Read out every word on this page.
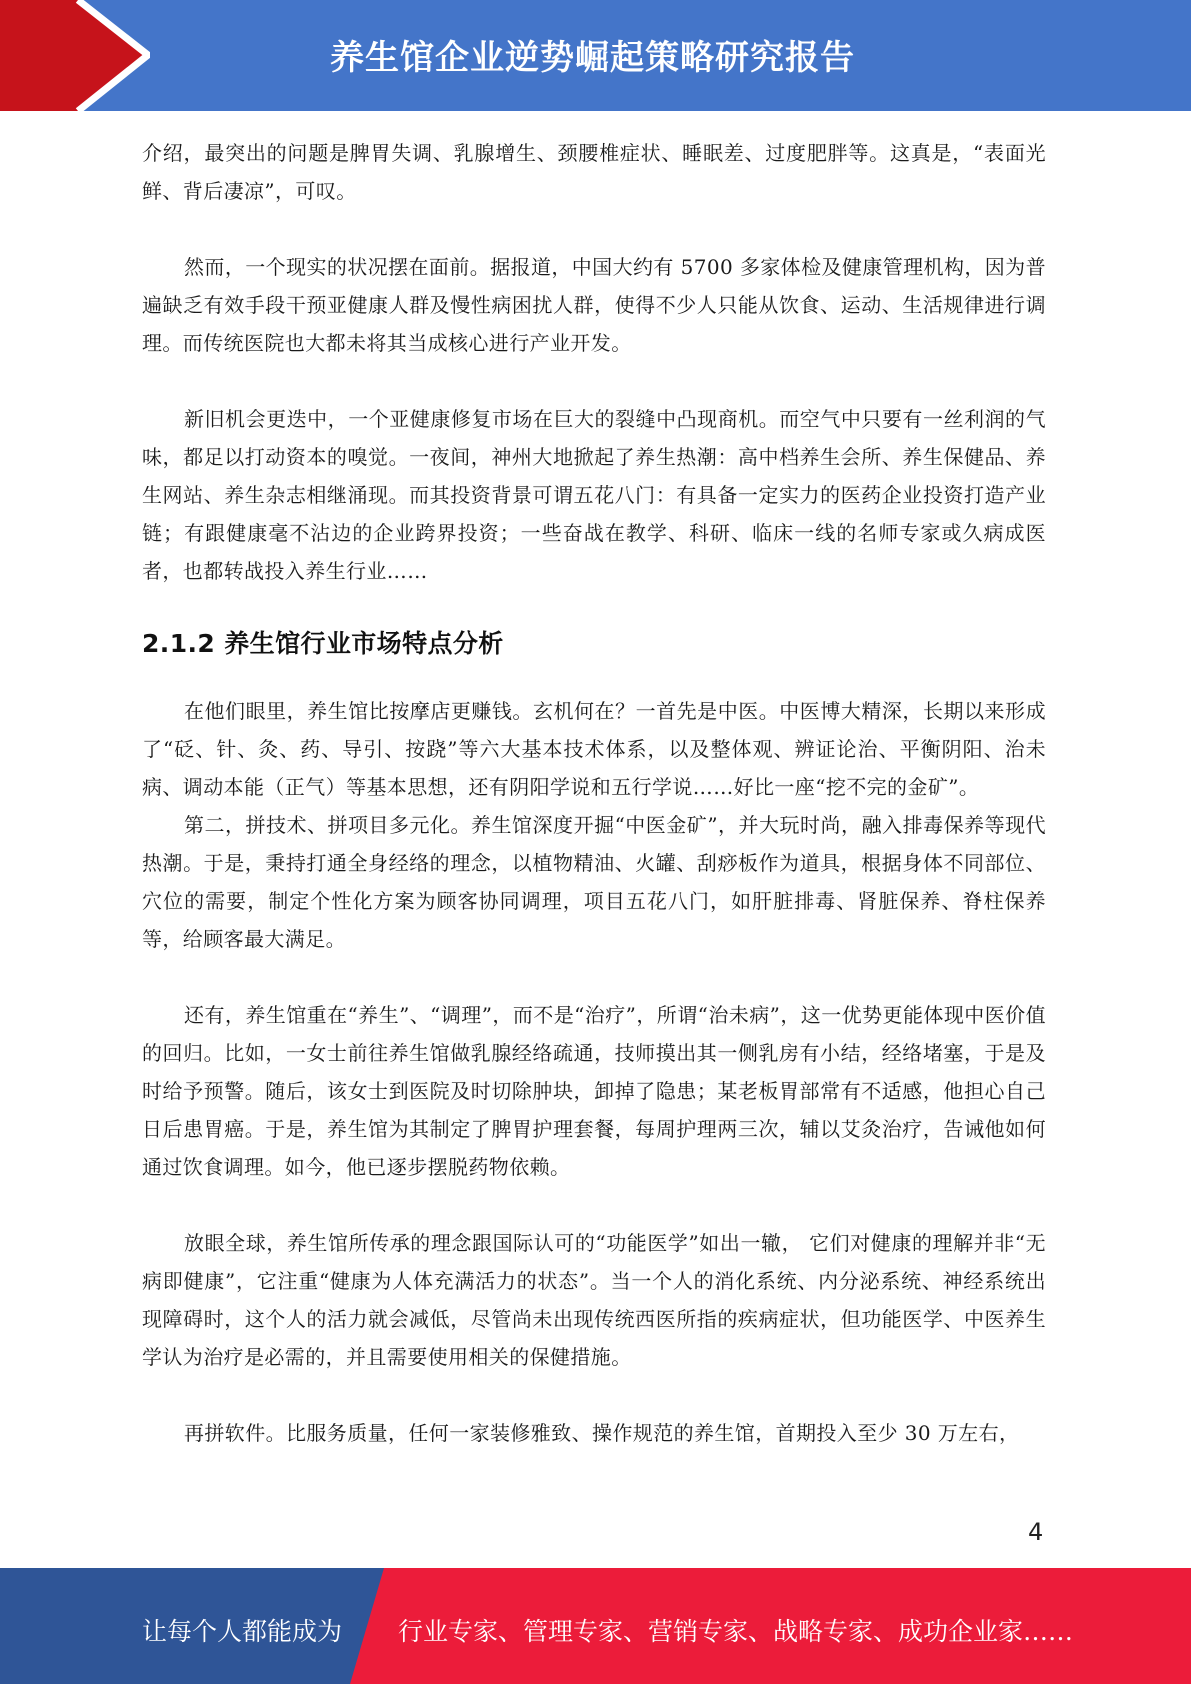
养生馆企业逆势崛起策略研究报告

介绍，最突出的问题是脾胃失调、乳腺增生、颈腰椎症状、睡眠差、过度肥胖等。这真是，“表面光鲜、背后凄凉”，可叹。

然而，一个现实的状况摆在面前。据报道，中国大约有 5700 多家体检及健康管理机构，因为普遍缺乏有效手段干预亚健康人群及慢性病困扰人群，使得不少人只能从饮食、运动、生活规律进行调理。而传统医院也大都未将其当成核心进行产业开发。

新旧机会更迭中，一个亚健康修复市场在巨大的裂缝中凸现商机。而空气中只要有一丝利润的气味，都足以打动资本的嗅觉。一夜间，神州大地掀起了养生热潮：高中档养生会所、养生保健品、养生网站、养生杂志相继涌现。而其投资背景可谓五花八门：有具备一定实力的医药企业投资打造产业链；有跟健康毫不沾边的企业跨界投资；一些奋战在教学、科研、临床一线的名师专家或久病成医者，也都转战投入养生行业……

2.1.2 养生馆行业市场特点分析

在他们眼里，养生馆比按摩店更赚钱。玄机何在？一首先是中医。中医博大精深，长期以来形成了“砭、针、灸、药、导引、按跷”等六大基本技术体系，以及整体观、辨证论治、平衡阴阳、治未病、调动本能（正气）等基本思想，还有阴阳学说和五行学说……好比一座“挖不完的金矿”。

第二，拼技术、拼项目多元化。养生馆深度开掘“中医金矿”，并大玩时尚，融入排毒保养等现代热潮。于是，秉持打通全身经络的理念，以植物精油、火罐、刮痧板作为道具，根据身体不同部位、穴位的需要，制定个性化方案为顾客协同调理，项目五花八门，如肝脏排毒、肾脏保养、脊柱保养等，给顾客最大满足。

还有，养生馆重在“养生”、“调理”，而不是“治疗”，所谓“治未病”，这一优势更能体现中医价值的回归。比如，一女士前往养生馆做乳腺经络疏通，技师摸出其一侧乳房有小结，经络堵塞，于是及时给予预警。随后，该女士到医院及时切除肿块，卸掉了隐患；某老板胃部常有不适感，他担心自己日后患胃癌。于是，养生馆为其制定了脾胃护理套餐，每周护理两三次，辅以艾灸治疗，告诫他如何通过饮食调理。如今，他已逐步摆脱药物依赖。

放眼全球，养生馆所传承的理念跟国际认可的“功能医学”如出一辙， 它们对健康的理解并非“无病即健康”，它注重“健康为人体充满活力的状态”。当一个人的消化系统、内分泌系统、神经系统出现障碍时，这个人的活力就会减低，尽管尚未出现传统西医所指的疾病症状，但功能医学、中医养生学认为治疗是必需的，并且需要使用相关的保健措施。

再拼软件。比服务质量，任何一家装修雅致、操作规范的养生馆，首期投入至少 30 万左右，

4
让每个人都能成为 行业专家、管理专家、营销专家、战略专家、成功企业家……
